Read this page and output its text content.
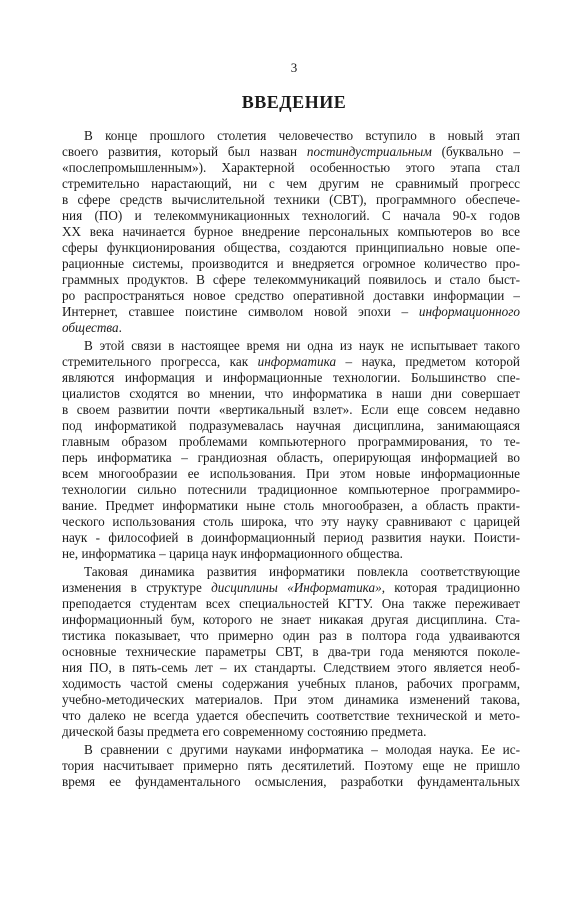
3
ВВЕДЕНИЕ
В конце прошлого столетия человечество вступило в новый этап
своего развития, который был назван постиндустриальным (буквально –
«послепромышленным»). Характерной особенностью этого этапа стал
стремительно нарастающий, ни с чем другим не сравнимый прогресс
в сфере средств вычислительной техники (СВТ), программного обеспече-
ния (ПО) и телекоммуникационных технологий. С начала 90-х годов
XX века начинается бурное внедрение персональных компьютеров во все
сферы функционирования общества, создаются принципиально новые опе-
рационные системы, производится и внедряется огромное количество про-
граммных продуктов. В сфере телекоммуникаций появилось и стало быст-
ро распространяться новое средство оперативной доставки информации –
Интернет, ставшее поистине символом новой эпохи – информационного
общества.
В этой связи в настоящее время ни одна из наук не испытывает такого
стремительного прогресса, как информатика – наука, предметом которой
являются информация и информационные технологии. Большинство спе-
циалистов сходятся во мнении, что информатика в наши дни совершает
в своем развитии почти «вертикальный взлет». Если еще совсем недавно
под информатикой подразумевалась научная дисциплина, занимающаяся
главным образом проблемами компьютерного программирования, то те-
перь информатика – грандиозная область, оперирующая информацией во
всем многообразии ее использования. При этом новые информационные
технологии сильно потеснили традиционное компьютерное программиро-
вание. Предмет информатики ныне столь многообразен, а область практи-
ческого использования столь широка, что эту науку сравнивают с царицей
наук - философией в доинформационный период развития науки. Поисти-
не, информатика – царица наук информационного общества.
Таковая динамика развития информатики повлекла соответствующие
изменения в структуре дисциплины «Информатика», которая традиционно
преподается студентам всех специальностей КГТУ. Она также переживает
информационный бум, которого не знает никакая другая дисциплина. Ста-
тистика показывает, что примерно один раз в полтора года удваиваются
основные технические параметры СВТ, в два-три года меняются поколе-
ния ПО, в пять-семь лет – их стандарты. Следствием этого является необ-
ходимость частой смены содержания учебных планов, рабочих программ,
учебно-методических материалов. При этом динамика изменений такова,
что далеко не всегда удается обеспечить соответствие технической и мето-
дической базы предмета его современному состоянию предмета.
В сравнении с другими науками информатика – молодая наука. Ее ис-
тория насчитывает примерно пять десятилетий. Поэтому еще не пришло
время ее фундаментального осмысления, разработки фундаментальных
